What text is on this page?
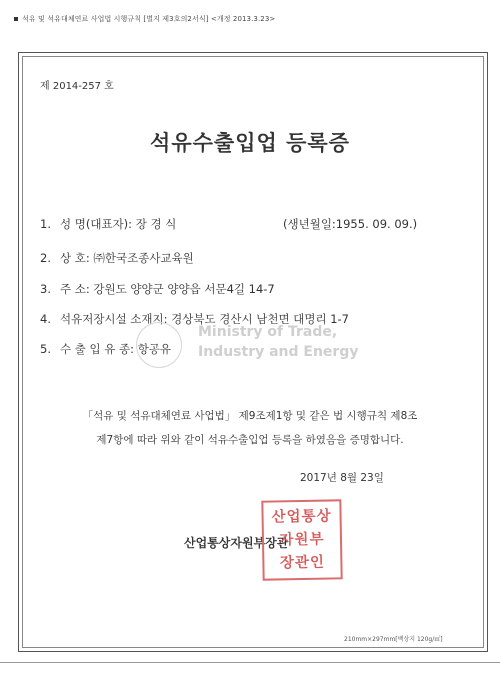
석유 및 석유대체연료 사업법 시행규칙 [별지 제3호의2서식] <개정 2013.3.23>
제 2014-257 호
석유수출입업 등록증
1. 성 명(대표자): 장 경 식	(생년월일:1955. 09. 09.)
2. 상 호: ㈜한국조종사교육원
3. 주 소: 강원도 양양군 양양읍 서문4길 14-7
4. 석유저장시설 소재지: 경상북도 경산시 남천면 대명리 1-7
5. 수 출 입 유 종: 항공유
Ministry of Trade,
Industry and Energy
「석유 및 석유대체연료 사업법」 제9조제1항 및 같은 법 시행규칙 제8조
제7항에 따라 위와 같이 석유수출입업 등록을 하였음을 증명합니다.
2017년 8월 23일
산업통상자원부장관
산업통상
자원부
장관인
210mm×297mm[백상지 120g/㎡]
